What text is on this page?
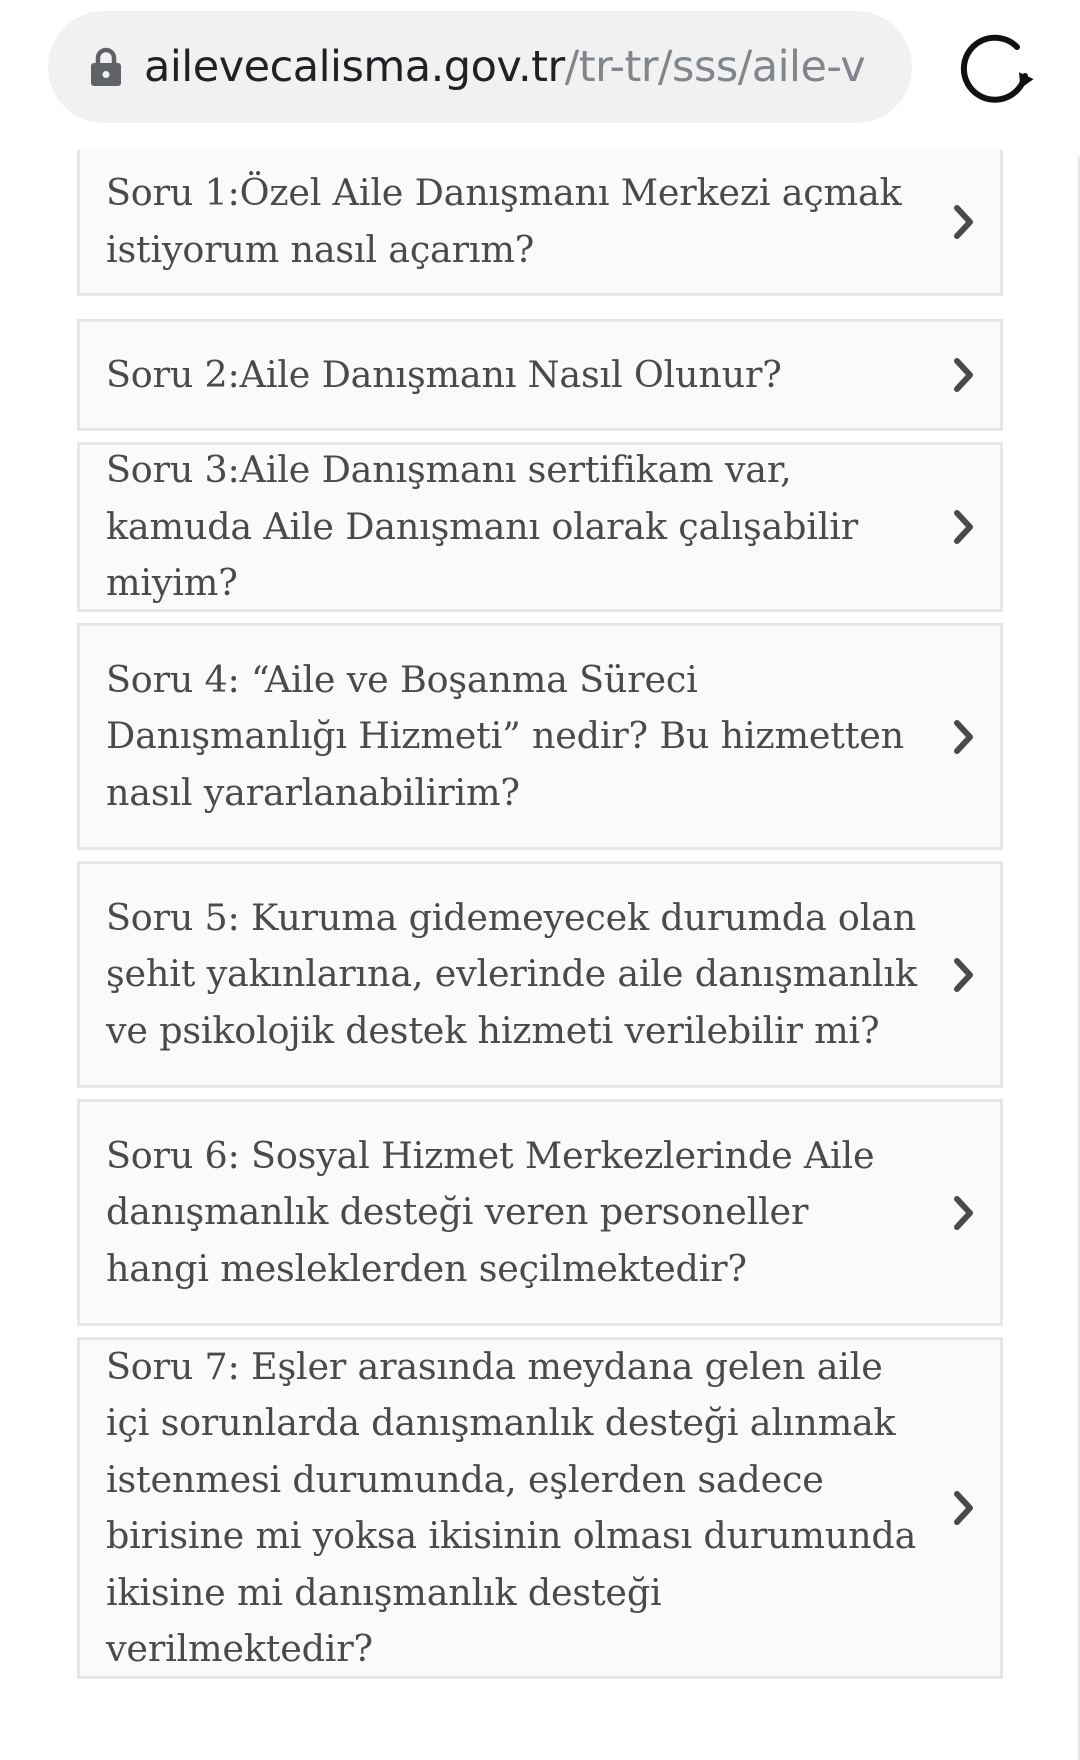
ailevecalisma.gov.tr/tr-tr/sss/aile-v
Soru 1:Özel Aile Danışmanı Merkezi açmak istiyorum nasıl açarım?
Soru 2:Aile Danışmanı Nasıl Olunur?
Soru 3:Aile Danışmanı sertifikam var, kamuda Aile Danışmanı olarak çalışabilir miyim?
Soru 4: “Aile ve Boşanma Süreci Danışmanlığı Hizmeti” nedir? Bu hizmetten nasıl yararlanabilirim?
Soru 5: Kuruma gidemeyecek durumda olan şehit yakınlarına, evlerinde aile danışmanlık ve psikolojik destek hizmeti verilebilir mi?
Soru 6: Sosyal Hizmet Merkezlerinde Aile danışmanlık desteği veren personeller hangi mesleklerden seçilmektedir?
Soru 7: Eşler arasında meydana gelen aile içi sorunlarda danışmanlık desteği alınmak istenmesi durumunda, eşlerden sadece birisine mi yoksa ikisinin olması durumunda ikisine mi danışmanlık desteği verilmektedir?
